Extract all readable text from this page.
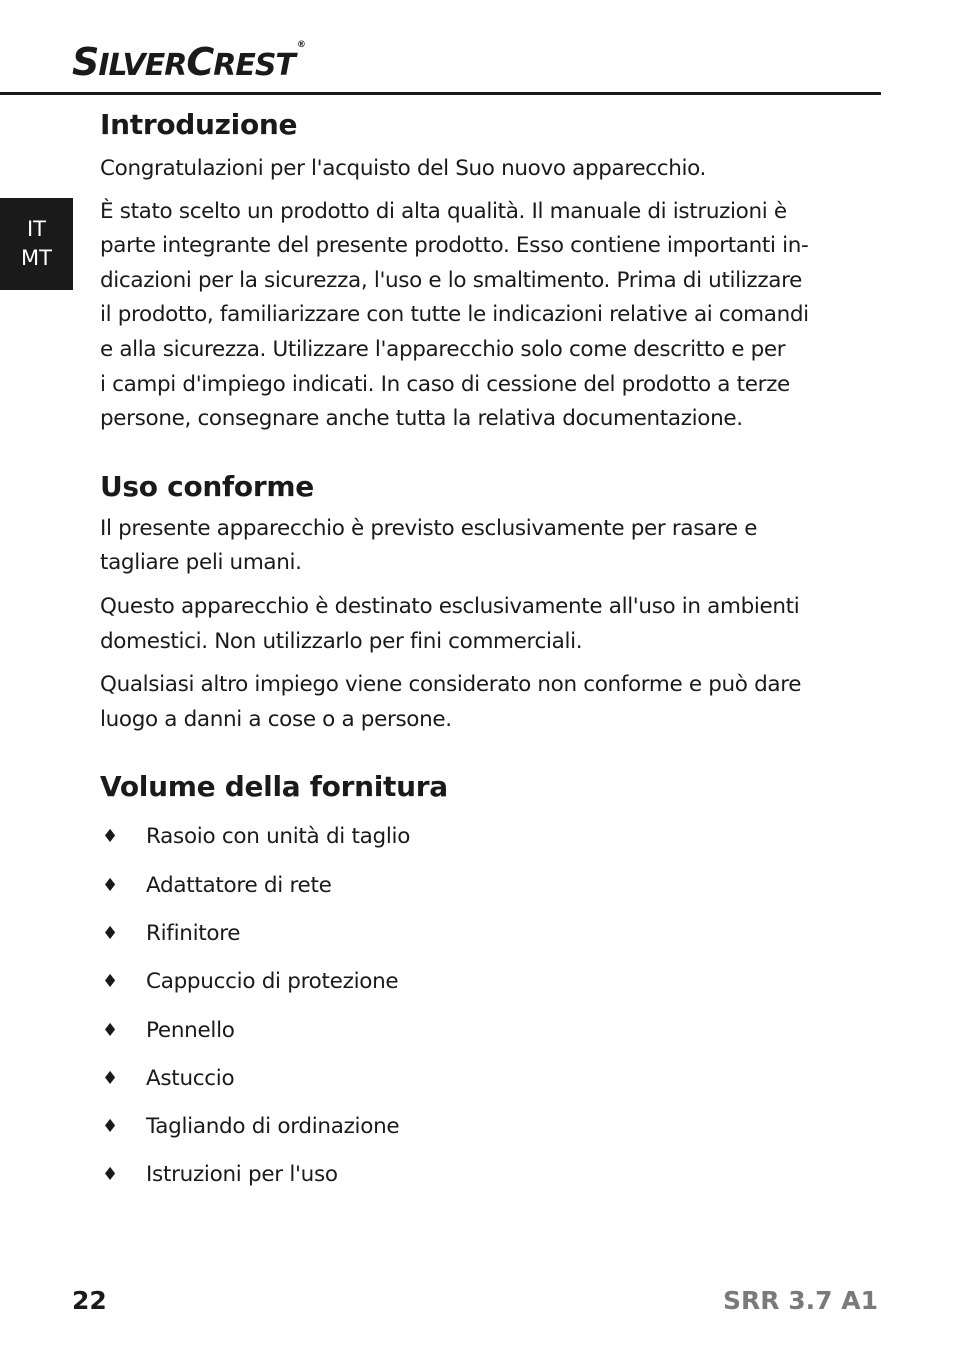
SILVERCREST®
IT
MT
Introduzione

Congratulazioni per l'acquisto del Suo nuovo apparecchio.

È stato scelto un prodotto di alta qualità. Il manuale di istruzioni è
parte integrante del presente prodotto. Esso contiene importanti in-
dicazioni per la sicurezza, l'uso e lo smaltimento. Prima di utilizzare
il prodotto, familiarizzare con tutte le indicazioni relative ai comandi
e alla sicurezza. Utilizzare l'apparecchio solo come descritto e per
i campi d'impiego indicati. In caso di cessione del prodotto a terze
persone, consegnare anche tutta la relativa documentazione.

Uso conforme

Il presente apparecchio è previsto esclusivamente per rasare e
tagliare peli umani.

Questo apparecchio è destinato esclusivamente all'uso in ambienti
domestici. Non utilizzarlo per fini commerciali.

Qualsiasi altro impiego viene considerato non conforme e può dare
luogo a danni a cose o a persone.

Volume della fornitura
♦ Rasoio con unità di taglio
♦ Adattatore di rete
♦ Rifinitore
♦ Cappuccio di protezione
♦ Pennello
♦ Astuccio
♦ Tagliando di ordinazione
♦ Istruzioni per l'uso
22	SRR 3.7 A1
